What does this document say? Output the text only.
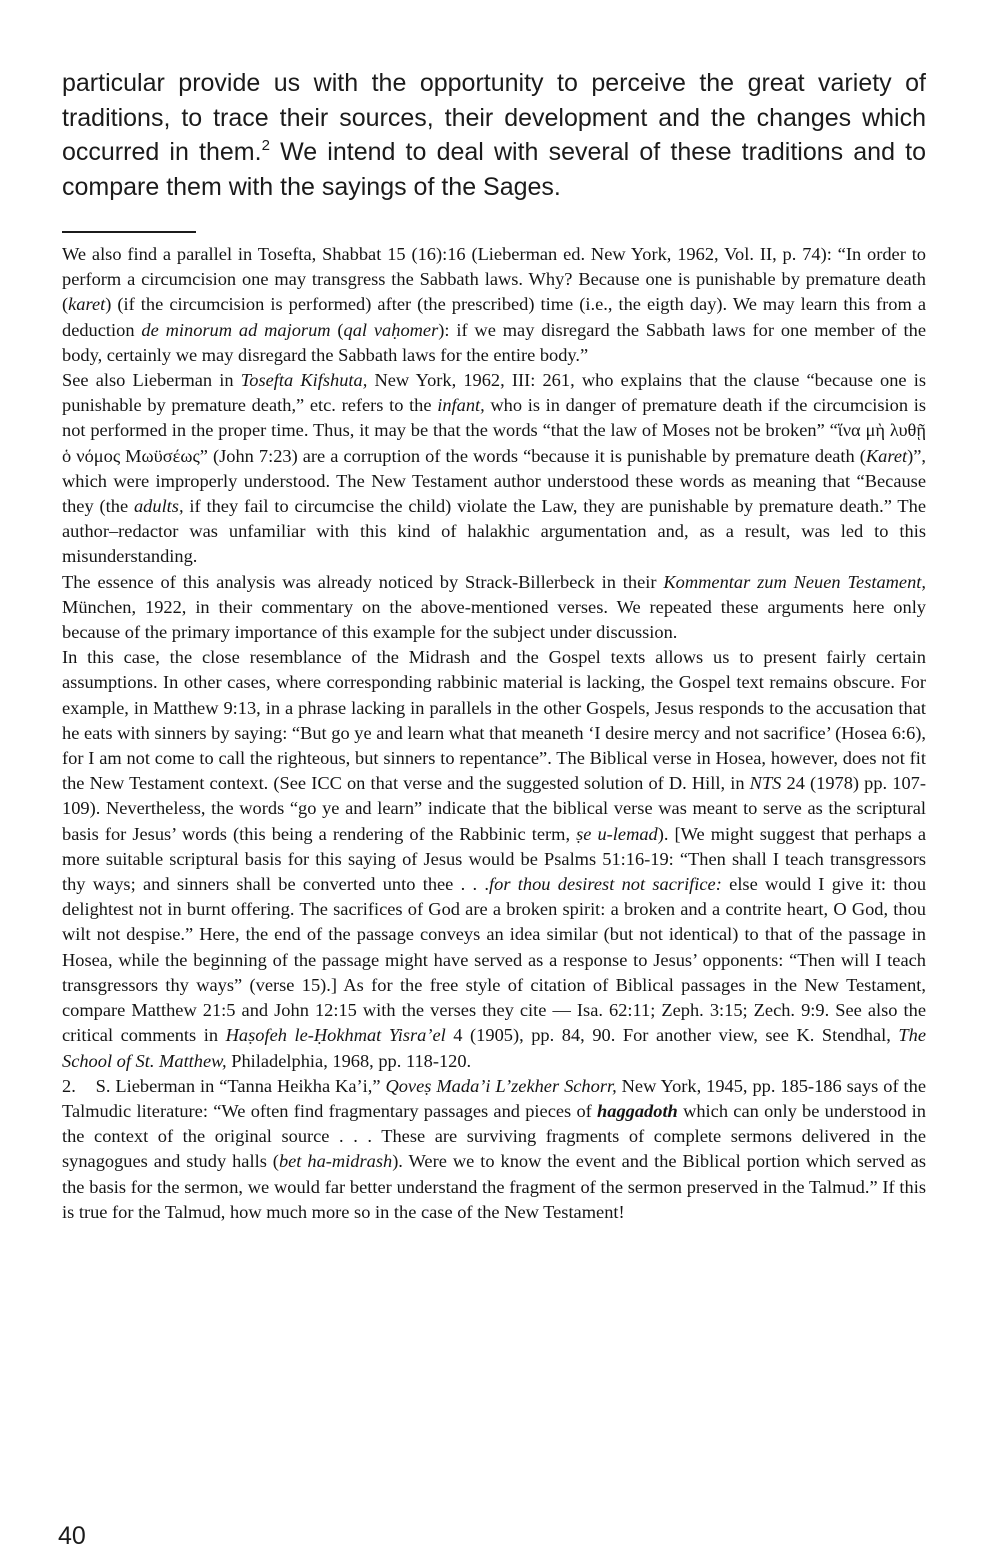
particular provide us with the opportunity to perceive the great variety of traditions, to trace their sources, their development and the changes which occurred in them.$^2$ We intend to deal with several of these traditions and to compare them with the sayings of the Sages.

We also find a parallel in Tosefta, Shabbat 15 (16):16 (Lieberman ed. New York, 1962, Vol. II, p. 74): “In order to perform a circumcision one may transgress the Sabbath laws. Why? Because one is punishable by premature death (karet) (if the circumcision is performed) after (the prescribed) time (i.e., the eigth day). We may learn this from a deduction de minorum ad majorum (qal vaḥomer): if we may disregard the Sabbath laws for one member of the body, certainly we may disregard the Sabbath laws for the entire body.”

See also Lieberman in Tosefta Kifshuta, New York, 1962, III: 261, who explains that the clause “because one is punishable by premature death,” etc. refers to the infant, who is in danger of premature death if the circumcision is not performed in the proper time. Thus, it may be that the words “that the law of Moses not be broken” “ἵνα μὴ λυθῇ ὁ νόμος Μωϋσέως” (John 7:23) are a corruption of the words “because it is punishable by premature death (Karet)”, which were improperly understood. The New Testament author understood these words as meaning that “Because they (the adults, if they fail to circumcise the child) violate the Law, they are punishable by premature death.” The author–redactor was unfamiliar with this kind of halakhic argumentation and, as a result, was led to this misunderstanding.

The essence of this analysis was already noticed by Strack-Billerbeck in their Kommentar zum Neuen Testament, München, 1922, in their commentary on the above-mentioned verses. We repeated these arguments here only because of the primary importance of this example for the subject under discussion.

In this case, the close resemblance of the Midrash and the Gospel texts allows us to present fairly certain assumptions. In other cases, where corresponding rabbinic material is lacking, the Gospel text remains obscure. For example, in Matthew 9:13, in a phrase lacking in parallels in the other Gospels, Jesus responds to the accusation that he eats with sinners by saying: “But go ye and learn what that meaneth ‘I desire mercy and not sacrifice’ (Hosea 6:6), for I am not come to call the righteous, but sinners to repentance”. The Biblical verse in Hosea, however, does not fit the New Testament context. (See ICC on that verse and the suggested solution of D. Hill, in NTS 24 (1978) pp. 107-109). Nevertheless, the words “go ye and learn” indicate that the biblical verse was meant to serve as the scriptural basis for Jesus’ words (this being a rendering of the Rabbinic term, ṣe u-lemad). [We might suggest that perhaps a more suitable scriptural basis for this saying of Jesus would be Psalms 51:16-19: “Then shall I teach transgressors thy ways; and sinners shall be converted unto thee . . .for thou desirest not sacrifice: else would I give it: thou delightest not in burnt offering. The sacrifices of God are a broken spirit: a broken and a contrite heart, O God, thou wilt not despise.” Here, the end of the passage conveys an idea similar (but not identical) to that of the passage in Hosea, while the beginning of the passage might have served as a response to Jesus’ opponents: “Then will I teach transgressors thy ways” (verse 15).] As for the free style of citation of Biblical passages in the New Testament, compare Matthew 21:5 and John 12:15 with the verses they cite — Isa. 62:11; Zeph. 3:15; Zech. 9:9. See also the critical comments in Haṣofeh le-Ḥokhmat Yisra’el 4 (1905), pp. 84, 90. For another view, see K. Stendhal, The School of St. Matthew, Philadelphia, 1968, pp. 118-120.

2. S. Lieberman in “Tanna Heikha Ka’i,” Qoveṣ Mada’i L’zekher Schorr, New York, 1945, pp. 185-186 says of the Talmudic literature: “We often find fragmentary passages and pieces of haggadoth which can only be understood in the context of the original source . . . These are surviving fragments of complete sermons delivered in the synagogues and study halls (bet ha-midrash). Were we to know the event and the Biblical portion which served as the basis for the sermon, we would far better understand the fragment of the sermon preserved in the Talmud.” If this is true for the Talmud, how much more so in the case of the New Testament!

40
